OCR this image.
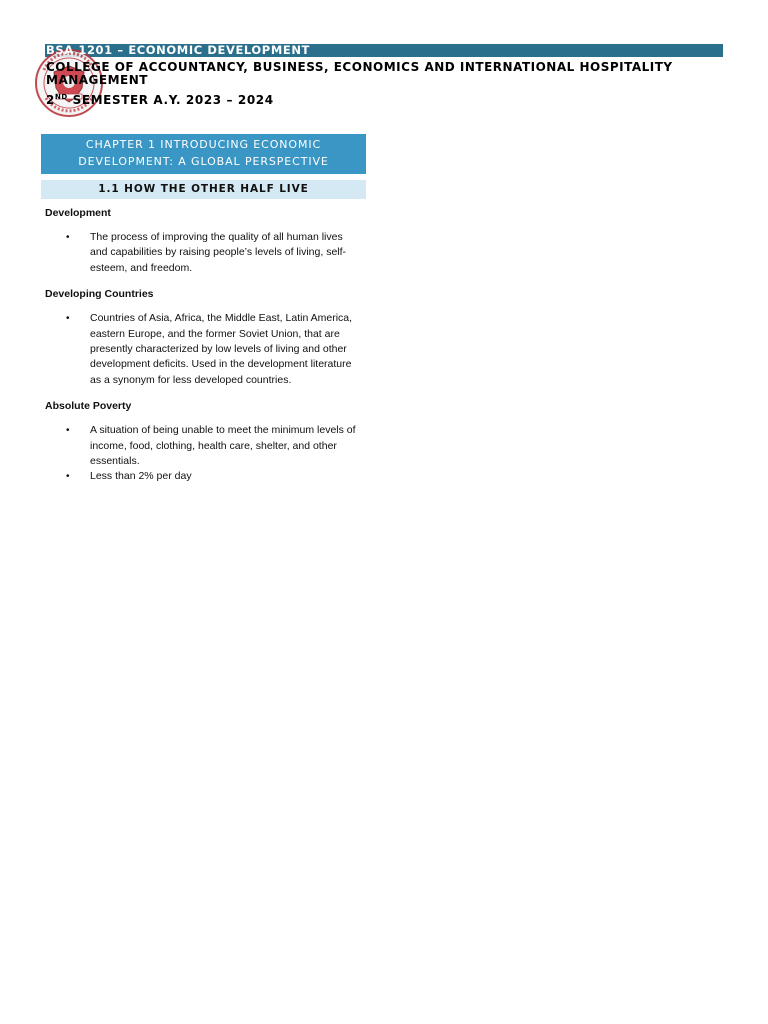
BSA 1201 – ECONOMIC DEVELOPMENT
COLLEGE OF ACCOUNTANCY, BUSINESS, ECONOMICS AND INTERNATIONAL HOSPITALITY MANAGEMENT
2ND SEMESTER A.Y. 2023 – 2024
CHAPTER 1 INTRODUCING ECONOMIC
DEVELOPMENT: A GLOBAL PERSPECTIVE
1.1 HOW THE OTHER HALF LIVE

Development

• The process of improving the quality of all human lives and capabilities by raising people’s levels of living, self-esteem, and freedom.

Developing Countries

• Countries of Asia, Africa, the Middle East, Latin America, eastern Europe, and the former Soviet Union, that are presently characterized by low levels of living and other development deficits. Used in the development literature as a synonym for less developed countries.

Absolute Poverty

• A situation of being unable to meet the minimum levels of income, food, clothing, health care, shelter, and other essentials.
• Less than 2% per day
